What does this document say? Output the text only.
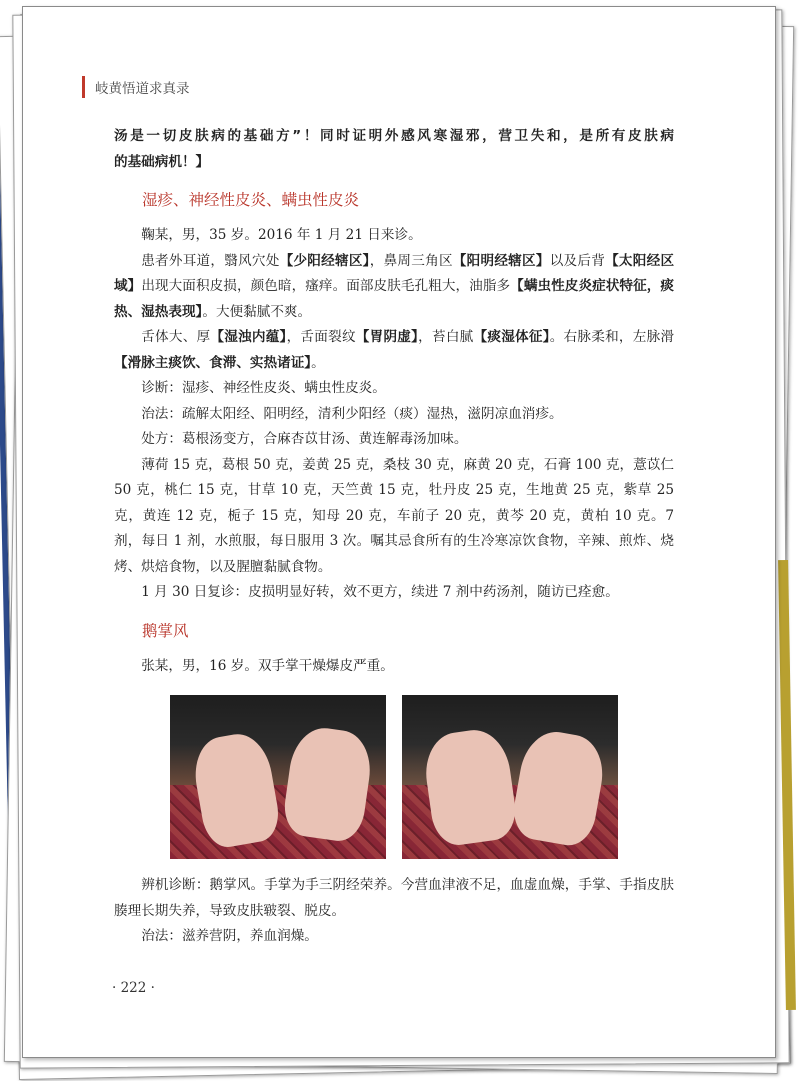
岐黄悟道求真录

汤是一切皮肤病的基础方”！同时证明外感风寒湿邪，营卫失和，是所有皮肤病的基础病机！】

湿疹、神经性皮炎、螨虫性皮炎

鞠某，男，35 岁。2016 年 1 月 21 日来诊。

患者外耳道，翳风穴处【少阳经辖区】，鼻周三角区【阳明经辖区】以及后背【太阳经区域】出现大面积皮损，颜色暗，瘙痒。面部皮肤毛孔粗大，油脂多【螨虫性皮炎症状特征，痰热、湿热表现】。大便黏腻不爽。

舌体大、厚【湿浊内蕴】，舌面裂纹【胃阴虚】，苔白腻【痰湿体征】。右脉柔和，左脉滑【滑脉主痰饮、食滞、实热诸证】。

诊断：湿疹、神经性皮炎、螨虫性皮炎。

治法：疏解太阳经、阳明经，清利少阳经（痰）湿热，滋阴凉血消疹。

处方：葛根汤变方，合麻杏苡甘汤、黄连解毒汤加味。

薄荷 15 克，葛根 50 克，姜黄 25 克，桑枝 30 克，麻黄 20 克，石膏 100 克，薏苡仁 50 克，桃仁 15 克，甘草 10 克，天竺黄 15 克，牡丹皮 25 克，生地黄 25 克，紫草 25 克，黄连 12 克，栀子 15 克，知母 20 克，车前子 20 克，黄芩 20 克，黄柏 10 克。7 剂，每日 1 剂，水煎服，每日服用 3 次。嘱其忌食所有的生冷寒凉饮食物，辛辣、煎炸、烧烤、烘焙食物，以及腥膻黏腻食物。

1 月 30 日复诊：皮损明显好转，效不更方，续进 7 剂中药汤剂，随访已痊愈。

鹅掌风

张某，男，16 岁。双手掌干燥爆皮严重。

辨机诊断：鹅掌风。手掌为手三阴经荣养。今营血津液不足，血虚血燥，手掌、手指皮肤腠理长期失养，导致皮肤皲裂、脱皮。

治法：滋养营阴，养血润燥。

· 222 ·
